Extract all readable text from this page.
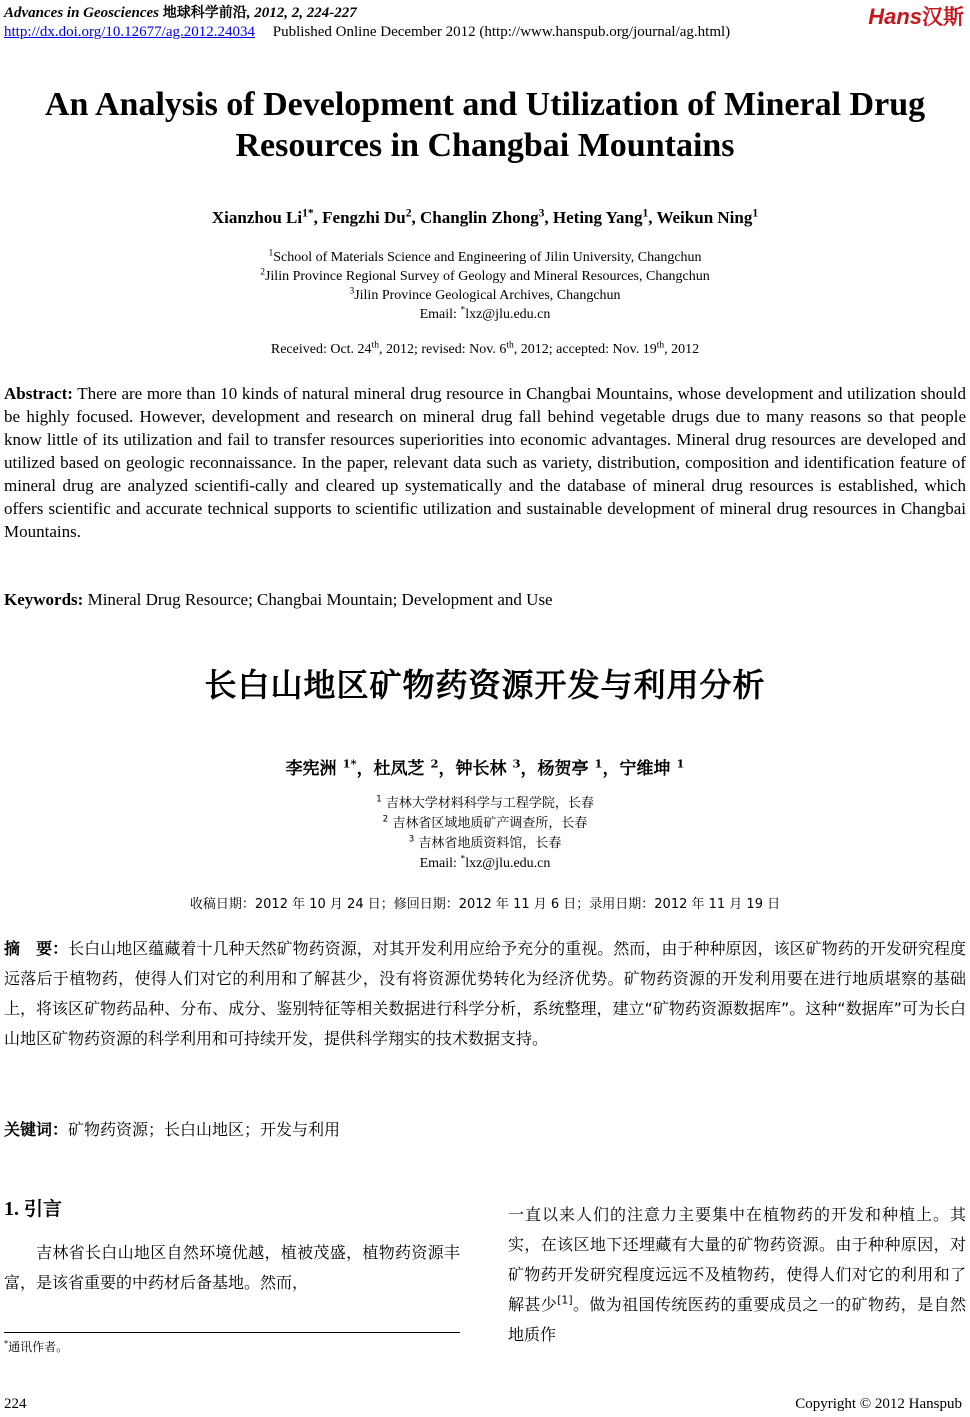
Advances in Geosciences 地球科学前沿, 2012, 2, 224-227	Hans汉斯
http://dx.doi.org/10.12677/ag.2012.24034 Published Online December 2012 (http://www.hanspub.org/journal/ag.html)
An Analysis of Development and Utilization of Mineral Drug
Resources in Changbai Mountains
Xianzhou $Li^{1*}$, Fengzhi Du$^2$, Changlin Zhong$^3$, Heting Yang$^1$, Weikun Ning$^1$
$^1$School of Materials Science and Engineering of Jilin University, Changchun
$^2$Jilin Province Regional Survey of Geology and Mineral Resources, Changchun
$^3$Jilin Province Geological Archives, Changchun
Email: *lxz@jlu.edu.cn
Received: Oct. 24th, 2012; revised: Nov. 6th, 2012; accepted: Nov. 19th, 2012
Abstract: There are more than 10 kinds of natural mineral drug resource in Changbai Mountains, whose development and utilization should be highly focused. However, development and research on mineral drug fall behind vegetable drugs due to many reasons so that people know little of its utilization and fail to transfer resources superiorities into economic advantages. Mineral drug resources are developed and utilized based on geologic reconnaissance. In the paper, relevant data such as variety, distribution, composition and identification feature of mineral drug are analyzed scientifi-cally and cleared up systematically and the database of mineral drug resources is established, which offers scientific and accurate technical supports to scientific utilization and sustainable development of mineral drug resources in Changbai Mountains.
Keywords: Mineral Drug Resource; Changbai Mountain; Development and Use
长白山地区矿物药资源开发与利用分析
李宪洲 $^{1*}$，杜凤芝 $^2$，钟长林 $^3$，杨贺亭 $^1$，宁维坤 $^1$
$^1$ 吉林大学材料科学与工程学院，长春
$^2$ 吉林省区域地质矿产调查所，长春
$^3$ 吉林省地质资料馆，长春
Email: *lxz@jlu.edu.cn
收稿日期：2012 年 10 月 24 日；修回日期：2012 年 11 月 6 日；录用日期：2012 年 11 月 19 日
摘　要：长白山地区蕴藏着十几种天然矿物药资源，对其开发利用应给予充分的重视。然而，由于种种原因，该区矿物药的开发研究程度远落后于植物药，使得人们对它的利用和了解甚少，没有将资源优势转化为经济优势。矿物药资源的开发利用要在进行地质堪察的基础上，将该区矿物药品种、分布、成分、鉴别特征等相关数据进行科学分析，系统整理，建立“矿物药资源数据库”。这种“数据库”可为长白山地区矿物药资源的科学利用和可持续开发，提供科学翔实的技术数据支持。
关键词：矿物药资源；长白山地区；开发与利用
1. 引言
吉林省长白山地区自然环境优越，植被茂盛，植物药资源丰富，是该省重要的中药材后备基地。然而，
一直以来人们的注意力主要集中在植物药的开发和种植上。其实，在该区地下还埋藏有大量的矿物药资源。由于种种原因，对矿物药开发研究程度远远不及植物药，使得人们对它的利用和了解甚少[1]。做为祖国传统医药的重要成员之一的矿物药，是自然地质作
*通讯作者。
224	Copyright © 2012 Hanspub
